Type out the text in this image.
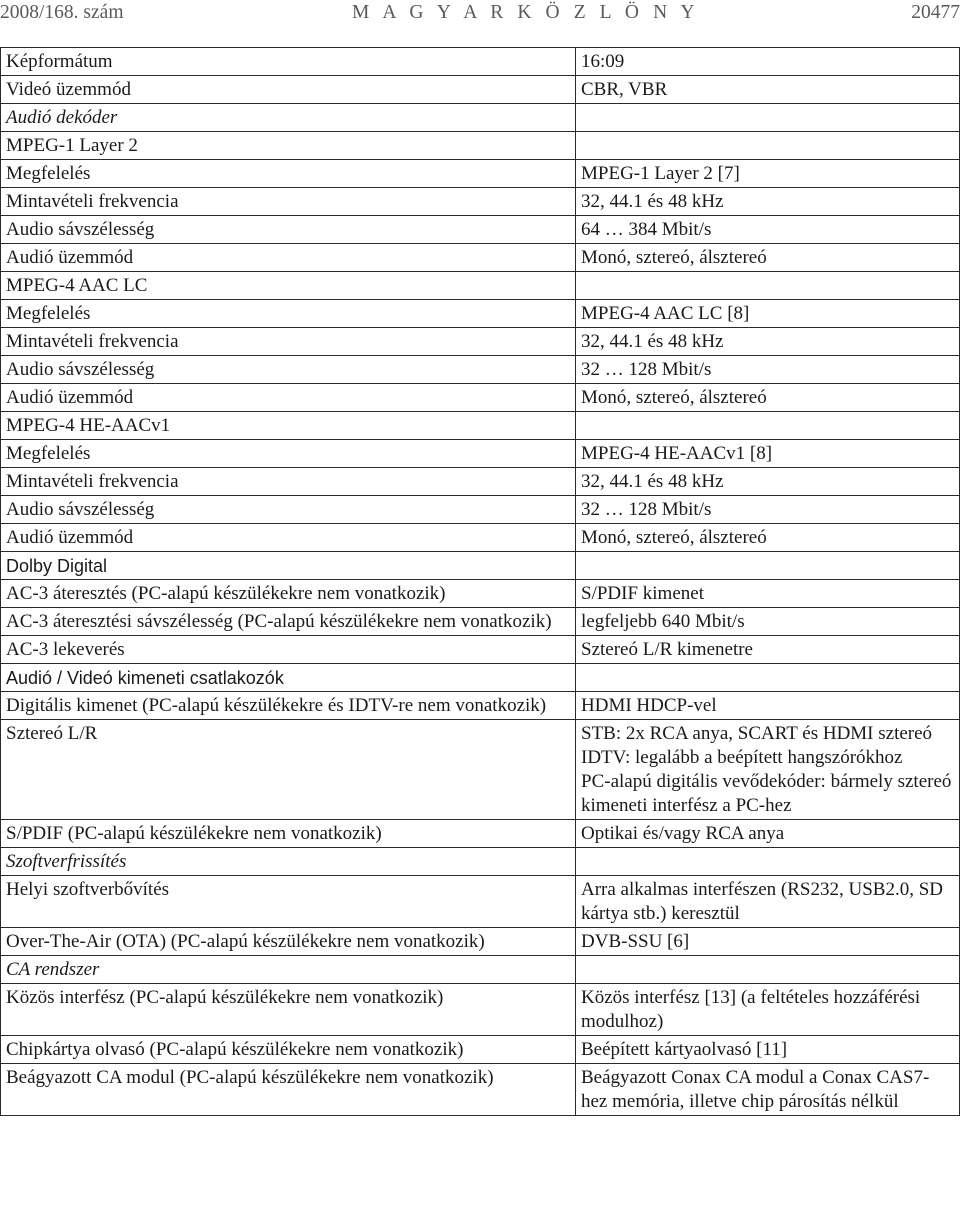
2008/168. szám	M A G Y A R K Ö Z L Ö N Y	20477
Képformátum	16:09
Videó üzemmód	CBR, VBR
Audió dekóder	
MPEG-1 Layer 2	
Megfelelés	MPEG-1 Layer 2 [7]
Mintavételi frekvencia	32, 44.1 és 48 kHz
Audio sávszélesség	64 … 384 Mbit/s
Audió üzemmód	Monó, sztereó, álsztereó
MPEG-4 AAC LC	
Megfelelés	MPEG-4 AAC LC [8]
Mintavételi frekvencia	32, 44.1 és 48 kHz
Audio sávszélesség	32 … 128 Mbit/s
Audió üzemmód	Monó, sztereó, álsztereó
MPEG-4 HE-AACv1	
Megfelelés	MPEG-4 HE-AACv1 [8]
Mintavételi frekvencia	32, 44.1 és 48 kHz
Audio sávszélesség	32 … 128 Mbit/s
Audió üzemmód	Monó, sztereó, álsztereó
Dolby Digital	
AC-3 áteresztés (PC-alapú készülékekre nem vonatkozik)	S/PDIF kimenet
AC-3 áteresztési sávszélesség (PC-alapú készülékekre nem vonatkozik)	legfeljebb 640 Mbit/s
AC-3 lekeverés	Sztereó L/R kimenetre
Audió / Videó kimeneti csatlakozók	
Digitális kimenet (PC-alapú készülékekre és IDTV-re nem vonatkozik)	HDMI HDCP-vel
Sztereó L/R	STB: 2x RCA anya, SCART és HDMI sztereó
IDTV: legalább a beépített hangszórókhoz
PC-alapú digitális vevődekóder: bármely sztereó kimeneti interfész a PC-hez

S/PDIF (PC-alapú készülékekre nem vonatkozik)	Optikai és/vagy RCA anya
Szoftverfrissítés	
Helyi szoftverbővítés	Arra alkalmas interfészen (RS232, USB2.0, SD kártya stb.) keresztül
Over-The-Air (OTA) (PC-alapú készülékekre nem vonatkozik)	DVB-SSU [6]
CA rendszer	
Közös interfész (PC-alapú készülékekre nem vonatkozik)	Közös interfész [13] (a feltételes hozzáférési modulhoz)
Chipkártya olvasó (PC-alapú készülékekre nem vonatkozik)	Beépített kártyaolvasó [11]
Beágyazott CA modul (PC-alapú készülékekre nem vonatkozik)	Beágyazott Conax CA modul a Conax CAS7-hez memória, illetve chip párosítás nélkül
